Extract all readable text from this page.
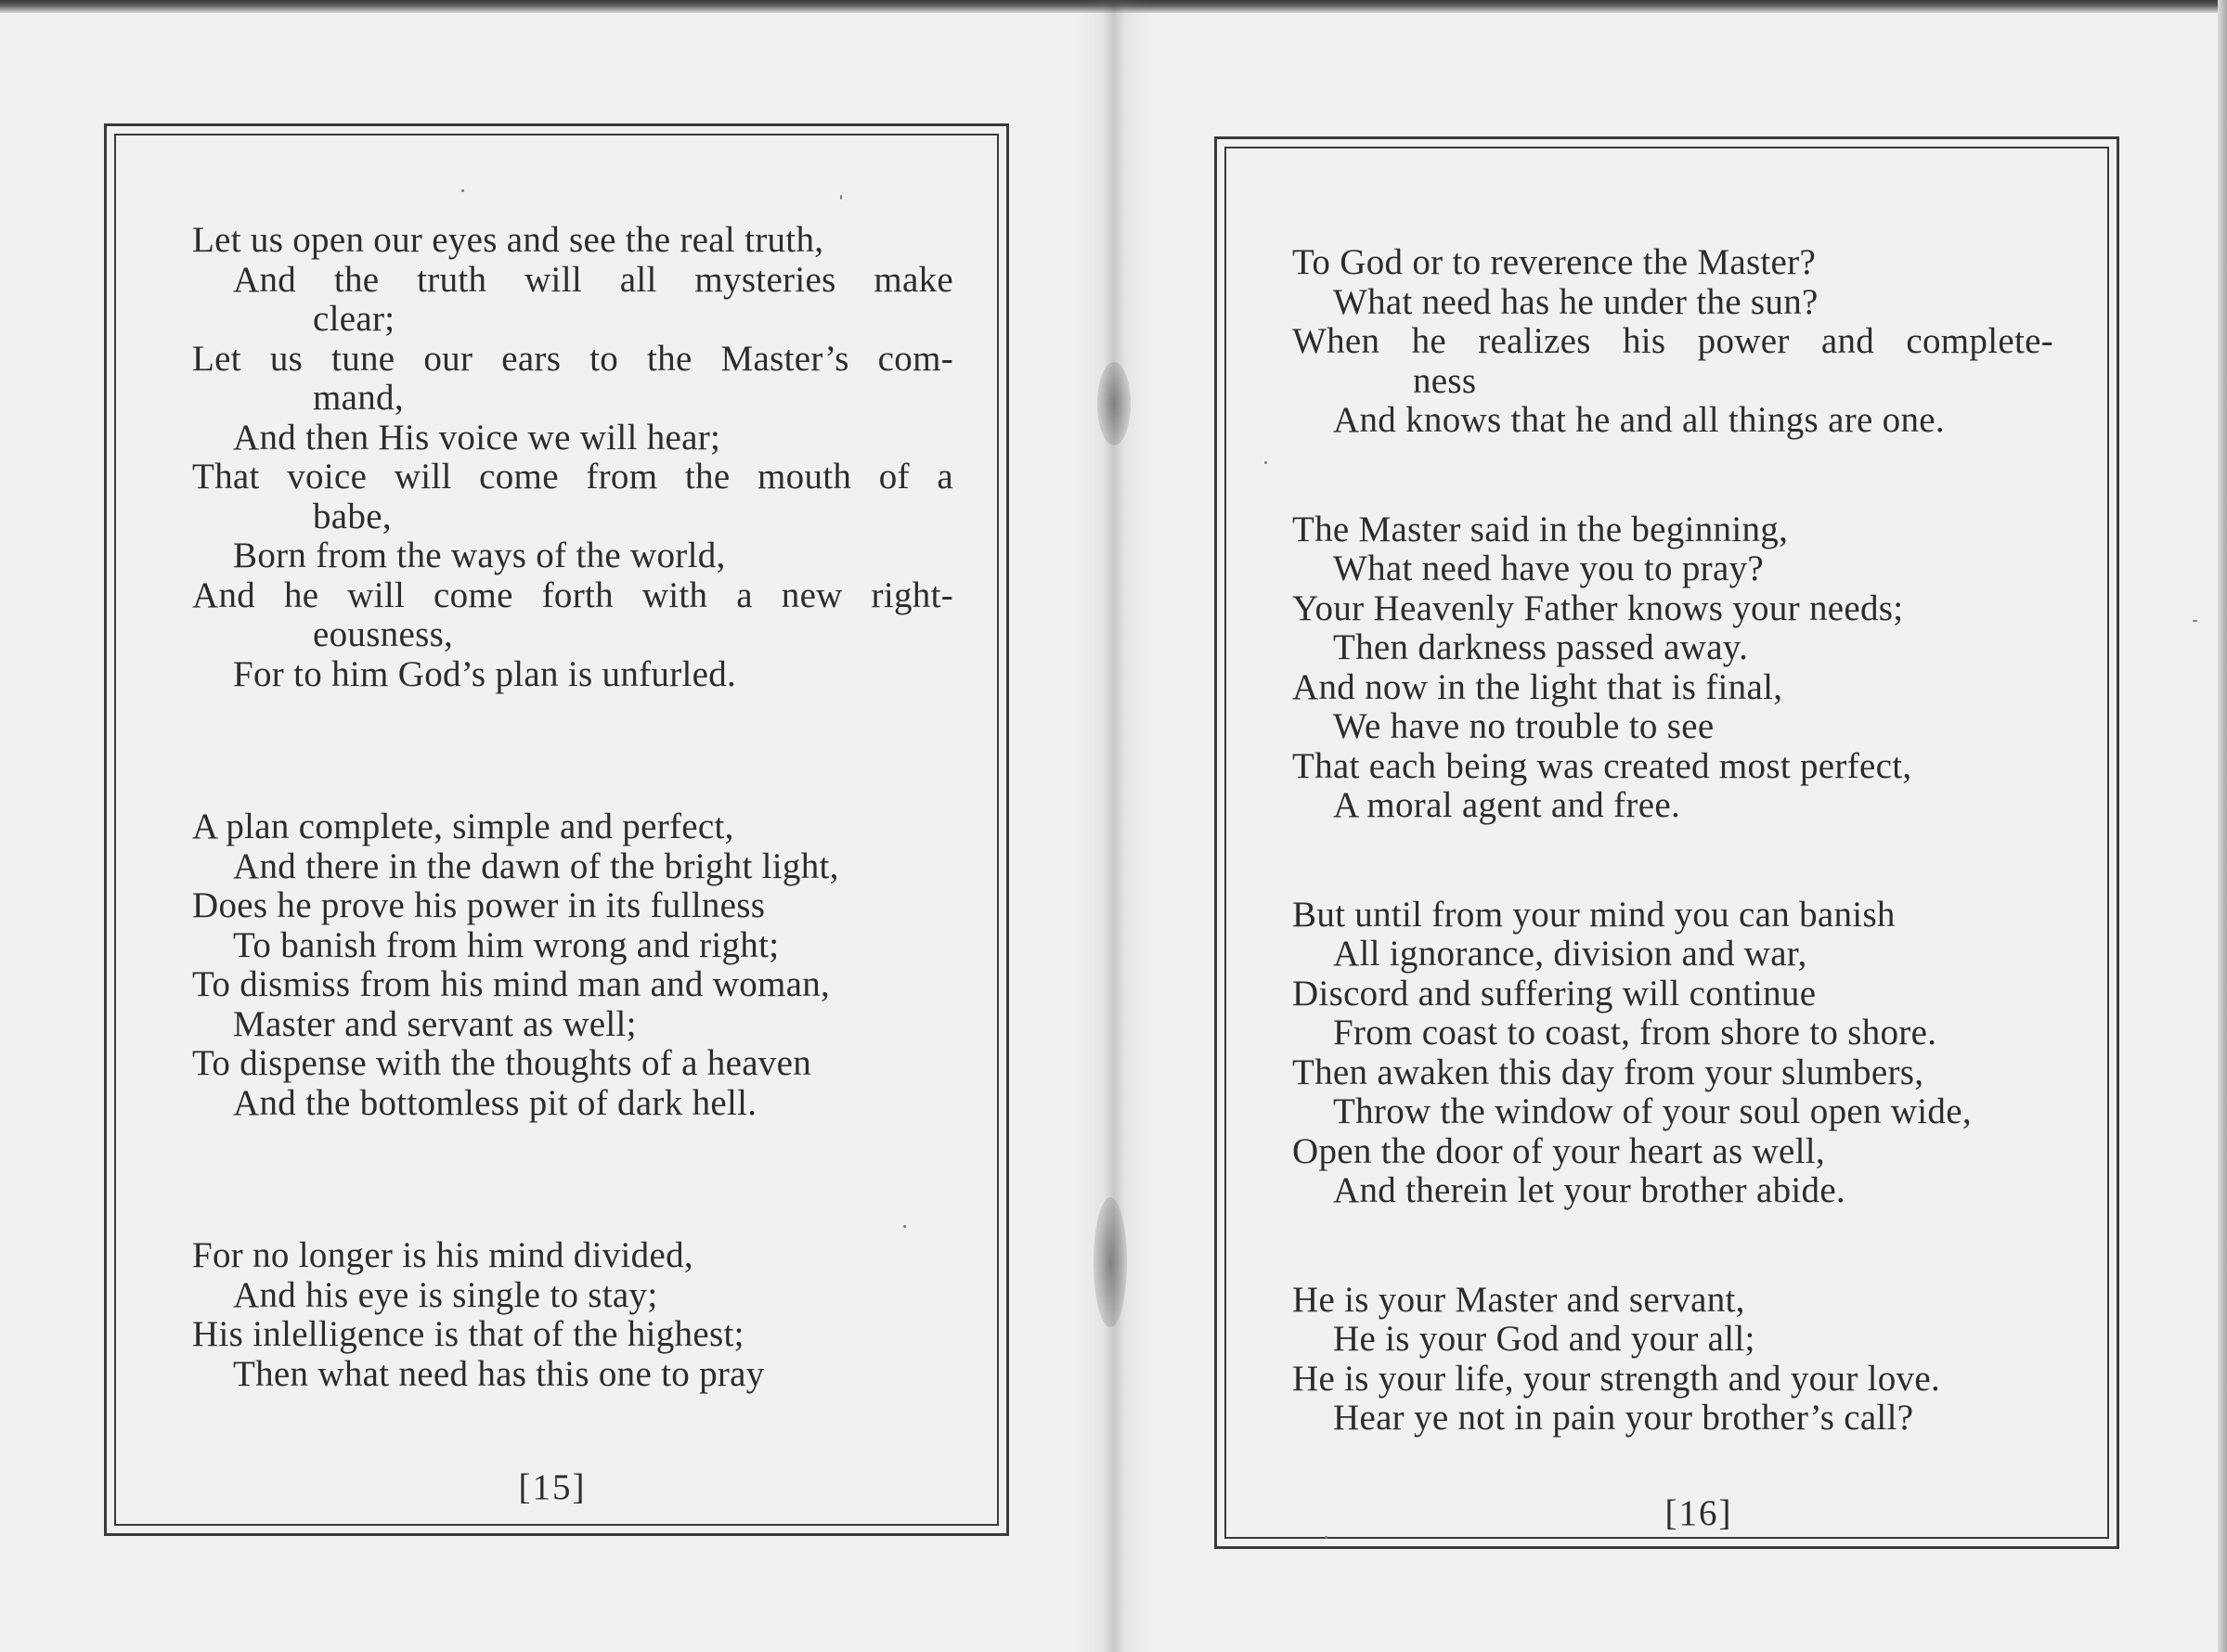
Let us open our eyes and see the real truth,
And the truth will all mysteries make
clear;
Let us tune our ears to the Master’s com-
mand,
And then His voice we will hear;
That voice will come from the mouth of a
babe,
Born from the ways of the world,
And he will come forth with a new right-
eousness,
For to him God’s plan is unfurled.
A plan complete, simple and perfect,
And there in the dawn of the bright light,
Does he prove his power in its fullness
To banish from him wrong and right;
To dismiss from his mind man and woman,
Master and servant as well;
To dispense with the thoughts of a heaven
And the bottomless pit of dark hell.
For no longer is his mind divided,
And his eye is single to stay;
His inlelligence is that of the highest;
Then what need has this one to pray
[15]
To God or to reverence the Master?
What need has he under the sun?
When he realizes his power and complete-
ness
And knows that he and all things are one.
The Master said in the beginning,
What need have you to pray?
Your Heavenly Father knows your needs;
Then darkness passed away.
And now in the light that is final,
We have no trouble to see
That each being was created most perfect,
A moral agent and free.
But until from your mind you can banish
All ignorance, division and war,
Discord and suffering will continue
From coast to coast, from shore to shore.
Then awaken this day from your slumbers,
Throw the window of your soul open wide,
Open the door of your heart as well,
And therein let your brother abide.
He is your Master and servant,
He is your God and your all;
He is your life, your strength and your love.
Hear ye not in pain your brother’s call?
[16]
